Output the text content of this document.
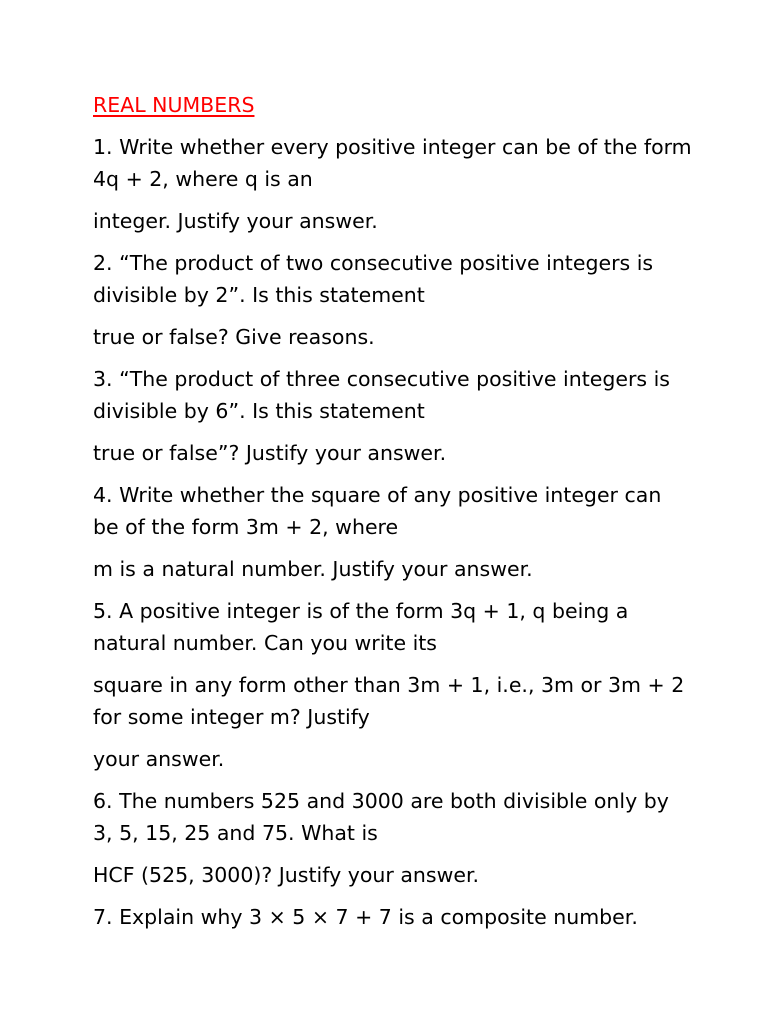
REAL NUMBERS
1. Write whether every positive integer can be of the form 4q + 2, where q is an
integer. Justify your answer.
2. “The product of two consecutive positive integers is divisible by 2”. Is this statement
true or false? Give reasons.
3. “The product of three consecutive positive integers is divisible by 6”. Is this statement
true or false”? Justify your answer.
4. Write whether the square of any positive integer can be of the form 3m + 2, where
m is a natural number. Justify your answer.
5. A positive integer is of the form 3q + 1, q being a natural number. Can you write its
square in any form other than 3m + 1, i.e., 3m or 3m + 2 for some integer m? Justify
your answer.
6. The numbers 525 and 3000 are both divisible only by 3, 5, 15, 25 and 75. What is
HCF (525, 3000)? Justify your answer.
7. Explain why 3 × 5 × 7 + 7 is a composite number.
